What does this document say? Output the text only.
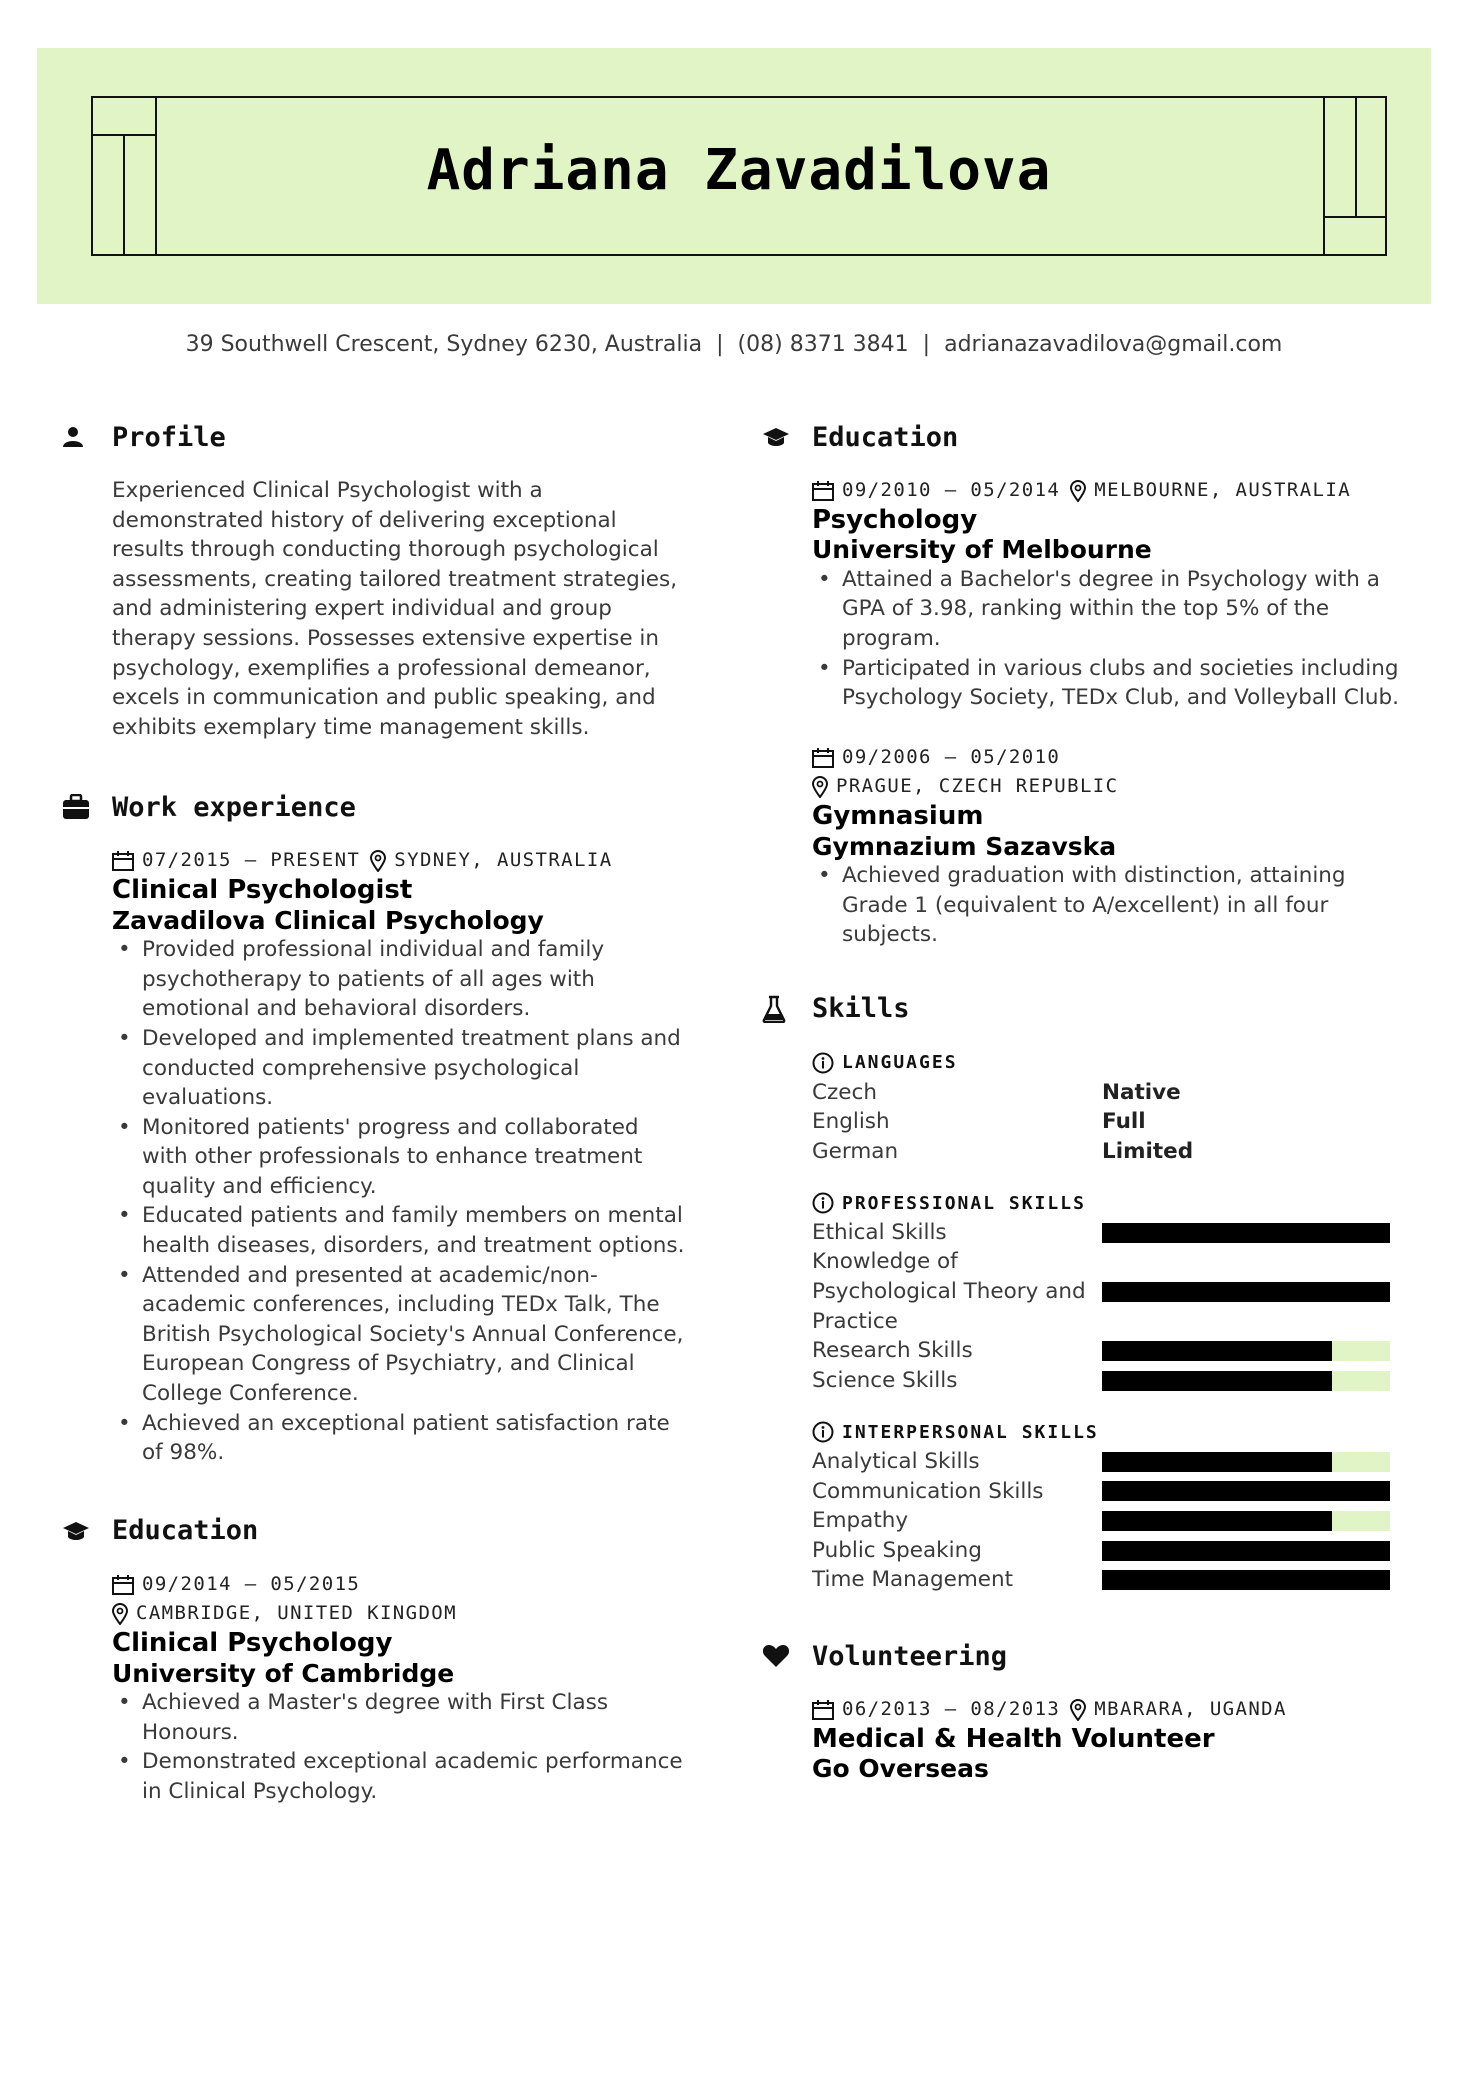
Adriana Zavadilova
39 Southwell Crescent, Sydney 6230, Australia | (08) 8371 3841 | adrianazavadilova@gmail.com
Profile
Experienced Clinical Psychologist with a demonstrated history of delivering exceptional results through conducting thorough psychological assessments, creating tailored treatment strategies, and administering expert individual and group therapy sessions. Possesses extensive expertise in psychology, exemplifies a professional demeanor, excels in communication and public speaking, and exhibits exemplary time management skills.
Work experience
07/2015 – PRESENT SYDNEY, AUSTRALIA
Clinical Psychologist
Zavadilova Clinical Psychology
• Provided professional individual and family psychotherapy to patients of all ages with emotional and behavioral disorders.
• Developed and implemented treatment plans and conducted comprehensive psychological evaluations.
• Monitored patients' progress and collaborated with other professionals to enhance treatment quality and efficiency.
• Educated patients and family members on mental health diseases, disorders, and treatment options.
• Attended and presented at academic/non-academic conferences, including TEDx Talk, The British Psychological Society's Annual Conference, European Congress of Psychiatry, and Clinical College Conference.
• Achieved an exceptional patient satisfaction rate of 98%.
Education
09/2014 – 05/2015
CAMBRIDGE, UNITED KINGDOM
Clinical Psychology
University of Cambridge
• Achieved a Master's degree with First Class Honours.
• Demonstrated exceptional academic performance in Clinical Psychology.
Education
09/2010 – 05/2014 MELBOURNE, AUSTRALIA
Psychology
University of Melbourne
• Attained a Bachelor's degree in Psychology with a GPA of 3.98, ranking within the top 5% of the program.
• Participated in various clubs and societies including Psychology Society, TEDx Club, and Volleyball Club.
09/2006 – 05/2010
PRAGUE, CZECH REPUBLIC
Gymnasium
Gymnazium Sazavska
• Achieved graduation with distinction, attaining Grade 1 (equivalent to A/excellent) in all four subjects.
Skills
LANGUAGES
Czech	Native
English	Full
German	Limited
PROFESSIONAL SKILLS
Ethical Skills
Knowledge of Psychological Theory and Practice
Research Skills
Science Skills
INTERPERSONAL SKILLS
Analytical Skills
Communication Skills
Empathy
Public Speaking
Time Management
Volunteering
06/2013 – 08/2013 MBARARA, UGANDA
Medical & Health Volunteer
Go Overseas
